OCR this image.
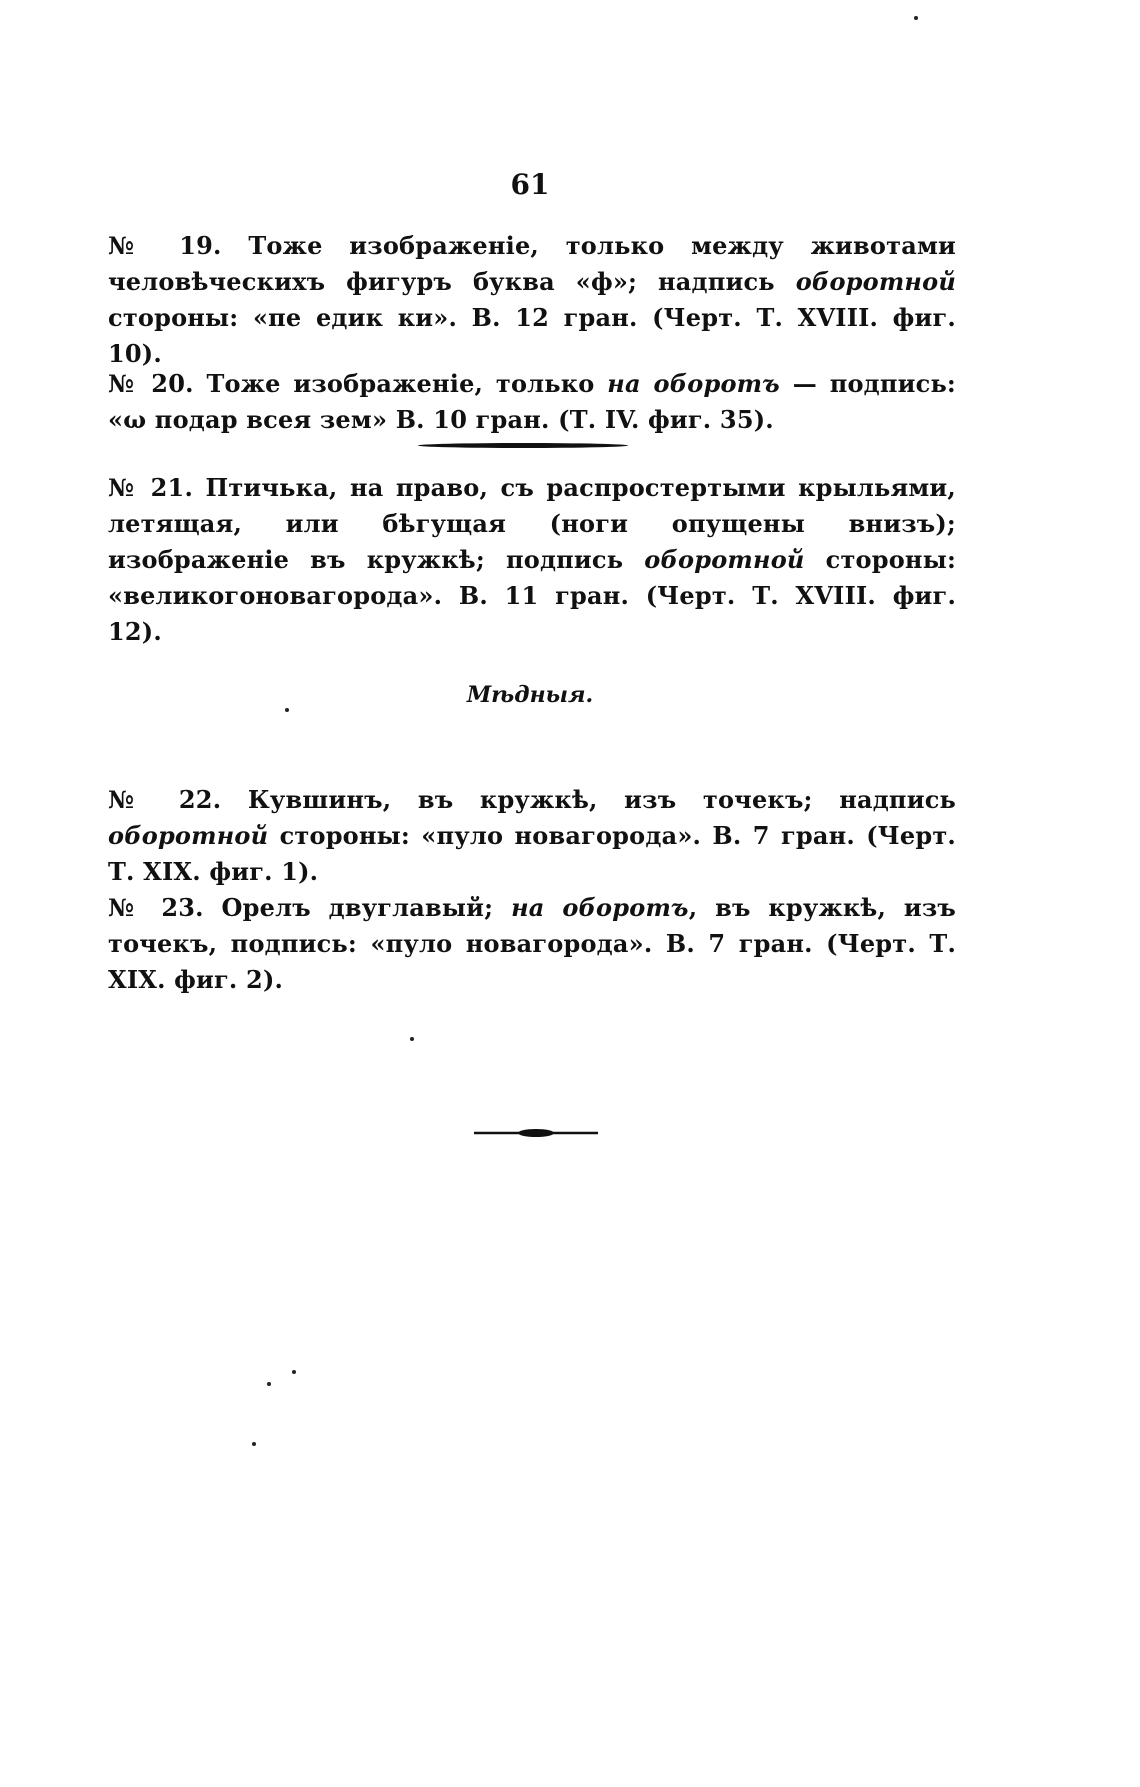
61

№ 19. Тоже изображеніе, только между животами человѣческихъ фигуръ буква «ф»; надпись оборотной стороны: «пе едик ки». В. 12 гран. (Черт. Т. XVIII. фиг. 10).

№ 20. Тоже изображеніе, только на оборотъ — подпись: «ω подар всея зем» В. 10 гран. (Т. IV. фиг. 35).

№ 21. Птичька, на право, съ распростертыми крыльями, летящая, или бѣгущая (ноги опущены внизъ); изображеніе въ кружкѣ; подпись оборотной стороны: «великогоновагорода». В. 11 гран. (Черт. Т. XVIII. фиг. 12).

Мѣдныя.

№ 22. Кувшинъ, въ кружкѣ, изъ точекъ; надпись оборотной стороны: «пуло новагорода». В. 7 гран. (Черт. Т. XIX. фиг. 1).

№ 23. Орелъ двуглавый; на оборотъ, въ кружкѣ, изъ точекъ, подпись: «пуло новагорода». В. 7 гран. (Черт. Т. XIX. фиг. 2).
